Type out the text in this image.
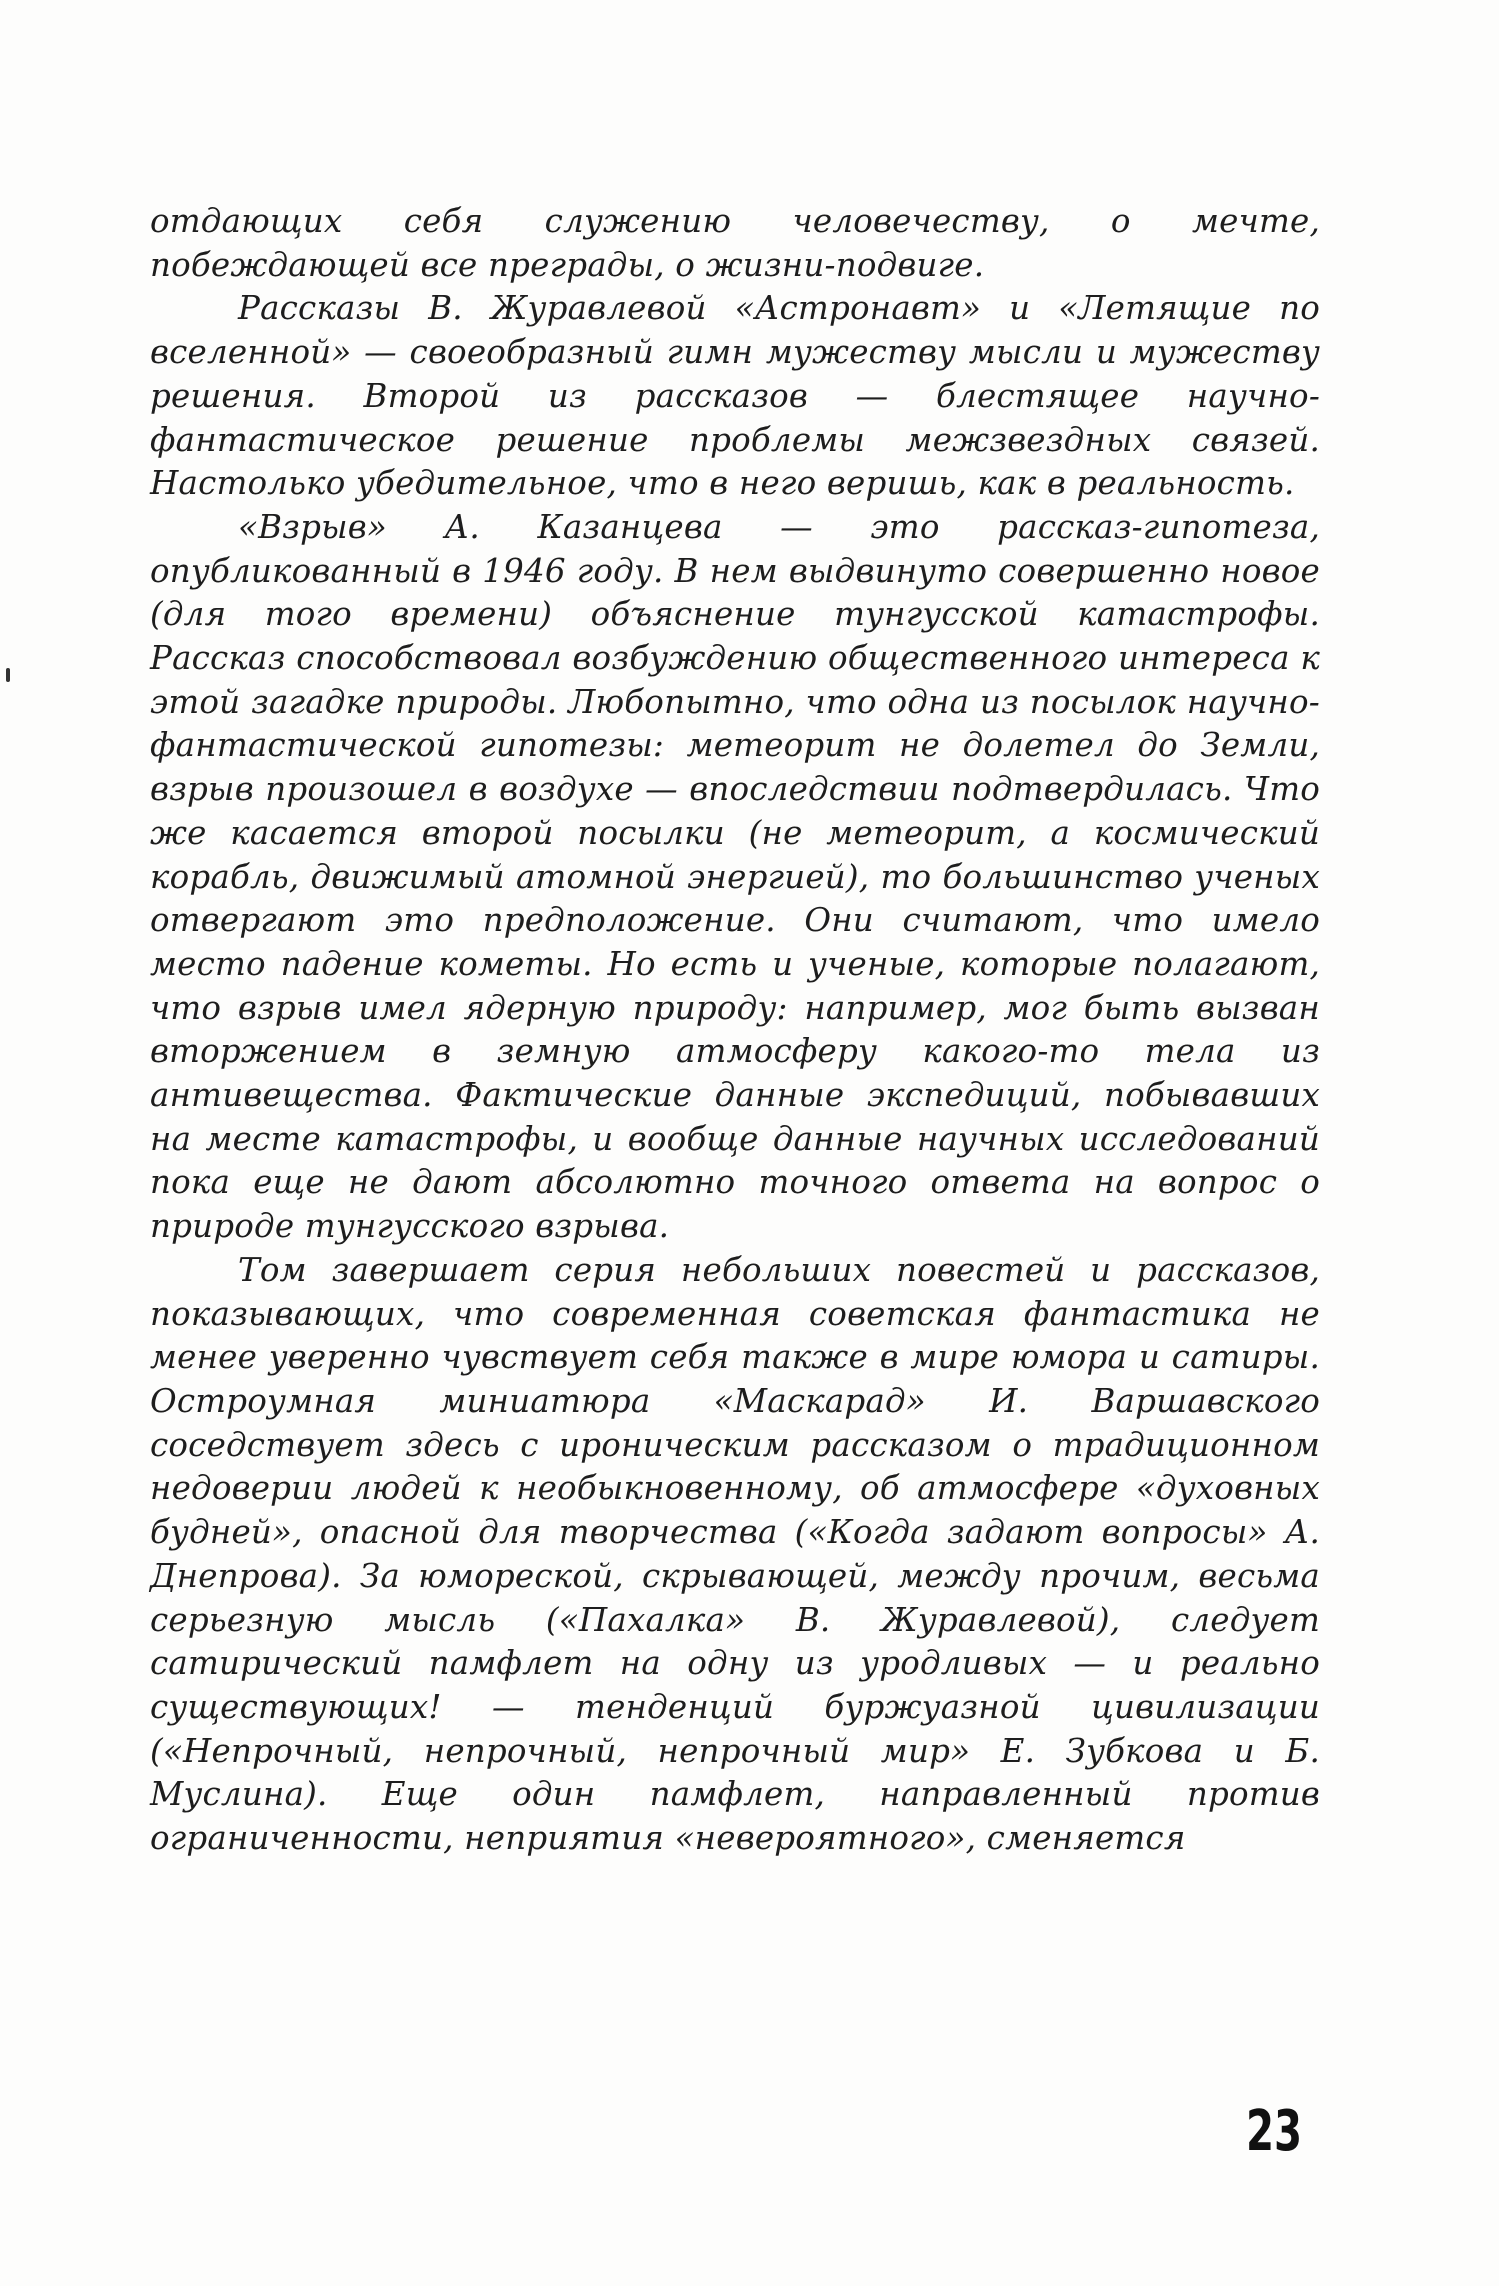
отдающих себя служению человечеству, о мечте, побеждающей все преграды, о жизни-подвиге.

Рассказы В. Журавлевой «Астронавт» и «Летящие по вселенной» — своеобразный гимн мужеству мысли и мужеству решения. Второй из рассказов — блестящее научно-фантастическое решение проблемы межзвездных связей. Настолько убедительное, что в него веришь, как в реальность.

«Взрыв» А. Казанцева — это рассказ-гипотеза, опубликованный в 1946 году. В нем выдвинуто совершенно новое (для того времени) объяснение тунгусской катастрофы. Рассказ способствовал возбуждению общественного интереса к этой загадке природы. Любопытно, что одна из посылок научно-фантастической гипотезы: метеорит не долетел до Земли, взрыв произошел в воздухе — впоследствии подтвердилась. Что же касается второй посылки (не метеорит, а космический корабль, движимый атомной энергией), то большинство ученых отвергают это предположение. Они считают, что имело место падение кометы. Но есть и ученые, которые полагают, что взрыв имел ядерную природу: например, мог быть вызван вторжением в земную атмосферу какого-то тела из антивещества. Фактические данные экспедиций, побывавших на месте катастрофы, и вообще данные научных исследований пока еще не дают абсолютно точного ответа на вопрос о природе тунгусского взрыва.

Том завершает серия небольших повестей и рассказов, показывающих, что современная советская фантастика не менее уверенно чувствует себя также в мире юмора и сатиры. Остроумная миниатюра «Маскарад» И. Варшавского соседствует здесь с ироническим рассказом о традиционном недоверии людей к необыкновенному, об атмосфере «духовных будней», опасной для творчества («Когда задают вопросы» А. Днепрова). За юмореской, скрывающей, между прочим, весьма серьезную мысль («Пахалка» В. Журавлевой), следует сатирический памфлет на одну из уродливых — и реально существующих! — тенденций буржуазной цивилизации («Непрочный, непрочный, непрочный мир» Е. Зубкова и Б. Муслина). Еще один памфлет, направленный против ограниченности, неприятия «невероятного», сменяется

23
